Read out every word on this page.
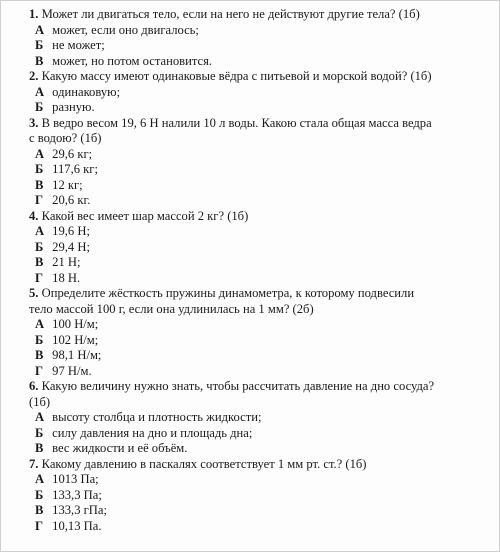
1. Может ли двигаться тело, если на него не действуют другие тела? (1б)
А может, если оно двигалось;
Б не может;
В может, но потом остановится.
2. Какую массу имеют одинаковые вёдра с питьевой и морской водой? (1б)
А одинаковую;
Б разную.
3. В ведро весом 19, 6 Н налили 10 л воды. Какою стала общая масса ведра
с водою? (1б)
А 29,6 кг;
Б 117,6 кг;
В 12 кг;
Г 20,6 кг.
4. Какой вес имеет шар массой 2 кг? (1б)
А 19,6 Н;
Б 29,4 Н;
В 21 Н;
Г 18 Н.
5. Определите жёсткость пружины динамометра, к которому подвесили
тело массой 100 г, если она удлинилась на 1 мм? (2б)
А 100 Н/м;
Б 102 Н/м;
В 98,1 Н/м;
Г 97 Н/м.
6. Какую величину нужно знать, чтобы рассчитать давление на дно сосуда?
(1б)
А высоту столбца и плотность жидкости;
Б силу давления на дно и площадь дна;
В вес жидкости и её объём.
7. Какому давлению в паскалях соответствует 1 мм рт. ст.? (1б)
А 1013 Па;
Б 133,3 Па;
В 133,3 гПа;
Г 10,13 Па.
